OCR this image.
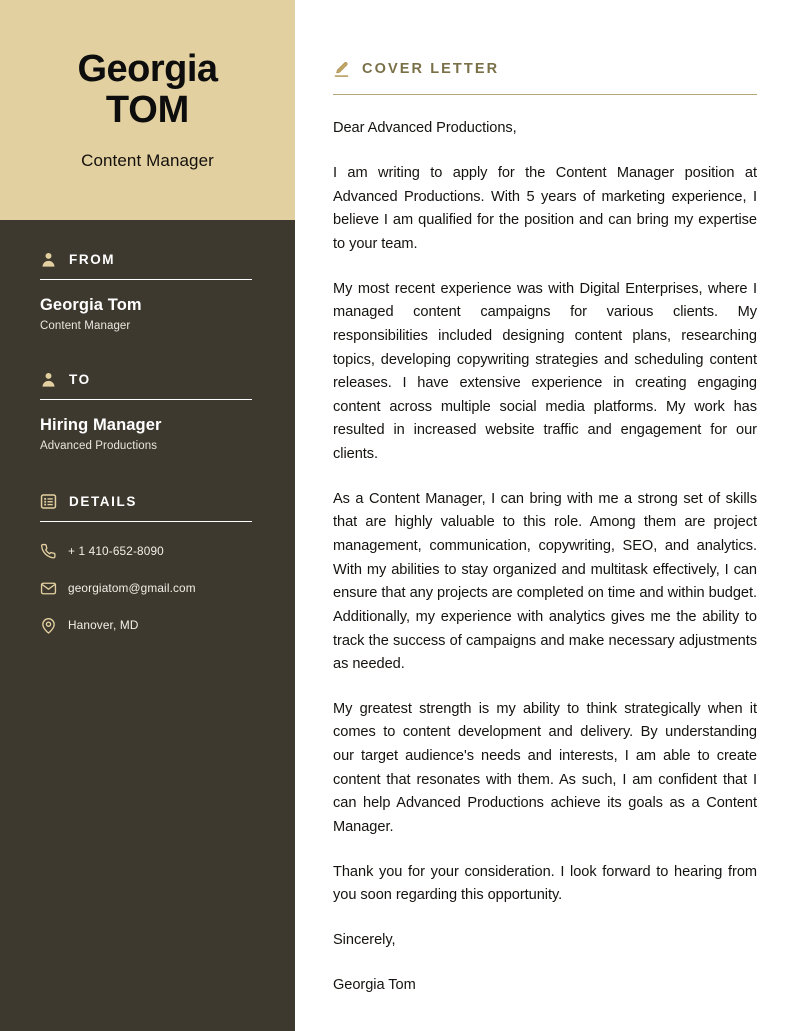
Georgia
TOM
Content Manager
FROM
Georgia Tom
Content Manager
TO
Hiring Manager
Advanced Productions
DETAILS
+ 1 410-652-8090
georgiatom@gmail.com
Hanover, MD
COVER LETTER

Dear Advanced Productions,

I am writing to apply for the Content Manager position at Advanced Productions. With 5 years of marketing experience, I believe I am qualified for the position and can bring my expertise to your team.

My most recent experience was with Digital Enterprises, where I managed content campaigns for various clients. My responsibilities included designing content plans, researching topics, developing copywriting strategies and scheduling content releases. I have extensive experience in creating engaging content across multiple social media platforms. My work has resulted in increased website traffic and engagement for our clients.

As a Content Manager, I can bring with me a strong set of skills that are highly valuable to this role. Among them are project management, communication, copywriting, SEO, and analytics. With my abilities to stay organized and multitask effectively, I can ensure that any projects are completed on time and within budget. Additionally, my experience with analytics gives me the ability to track the success of campaigns and make necessary adjustments as needed.

My greatest strength is my ability to think strategically when it comes to content development and delivery. By understanding our target audience's needs and interests, I am able to create content that resonates with them. As such, I am confident that I can help Advanced Productions achieve its goals as a Content Manager.

Thank you for your consideration. I look forward to hearing from you soon regarding this opportunity.

Sincerely,

Georgia Tom
